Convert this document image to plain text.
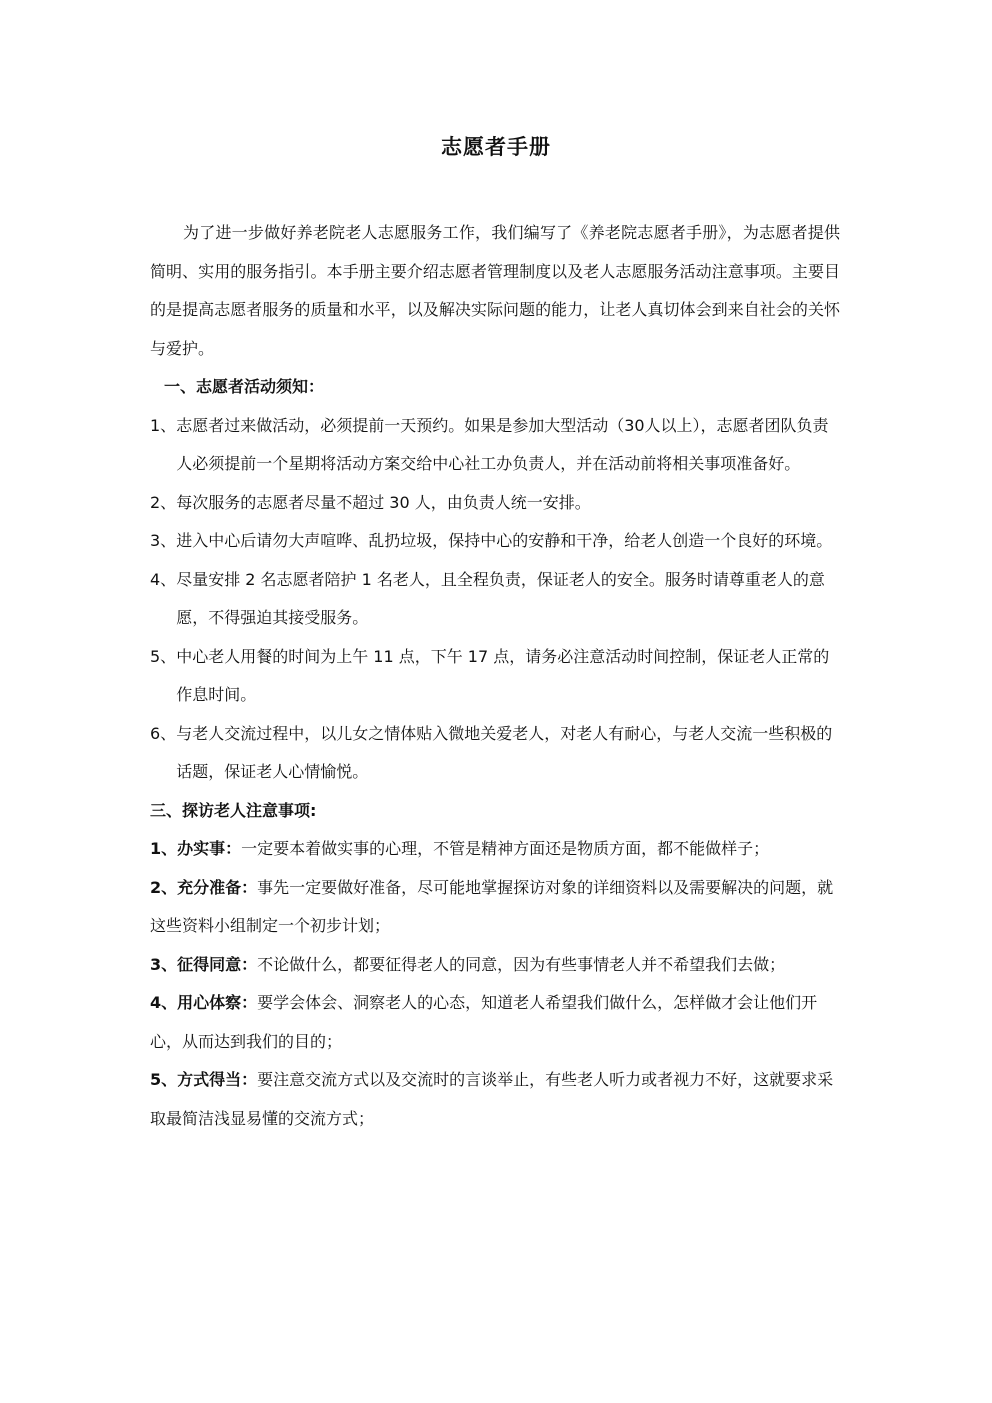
志愿者手册

为了进一步做好养老院老人志愿服务工作，我们编写了《养老院志愿者手册》，为志愿者提供简明、实用的服务指引。本手册主要介绍志愿者管理制度以及老人志愿服务活动注意事项。主要目的是提高志愿者服务的质量和水平，以及解决实际问题的能力，让老人真切体会到来自社会的关怀与爱护。

一、志愿者活动须知：

1、 志愿者过来做活动，必须提前一天预约。如果是参加大型活动（30人以上），志愿者团队负责人必须提前一个星期将活动方案交给中心社工办负责人，并在活动前将相关事项准备好。
2、 每次服务的志愿者尽量不超过 30 人，由负责人统一安排。
3、 进入中心后请勿大声喧哗、乱扔垃圾，保持中心的安静和干净，给老人创造一个良好的环境。
4、 尽量安排 2 名志愿者陪护 1 名老人，且全程负责，保证老人的安全。服务时请尊重老人的意愿，不得强迫其接受服务。
5、 中心老人用餐的时间为上午 11 点，下午 17 点，请务必注意活动时间控制，保证老人正常的作息时间。
6、 与老人交流过程中，以儿女之情体贴入微地关爱老人，对老人有耐心，与老人交流一些积极的话题，保证老人心情愉悦。

三、探访老人注意事项:

1、办实事：一定要本着做实事的心理，不管是精神方面还是物质方面，都不能做样子；

2、充分准备：事先一定要做好准备，尽可能地掌握探访对象的详细资料以及需要解决的问题，就这些资料小组制定一个初步计划；

3、征得同意：不论做什么，都要征得老人的同意，因为有些事情老人并不希望我们去做；

4、用心体察：要学会体会、洞察老人的心态，知道老人希望我们做什么，怎样做才会让他们开心，从而达到我们的目的；

5、方式得当：要注意交流方式以及交流时的言谈举止，有些老人听力或者视力不好，这就要求采取最简洁浅显易懂的交流方式；
